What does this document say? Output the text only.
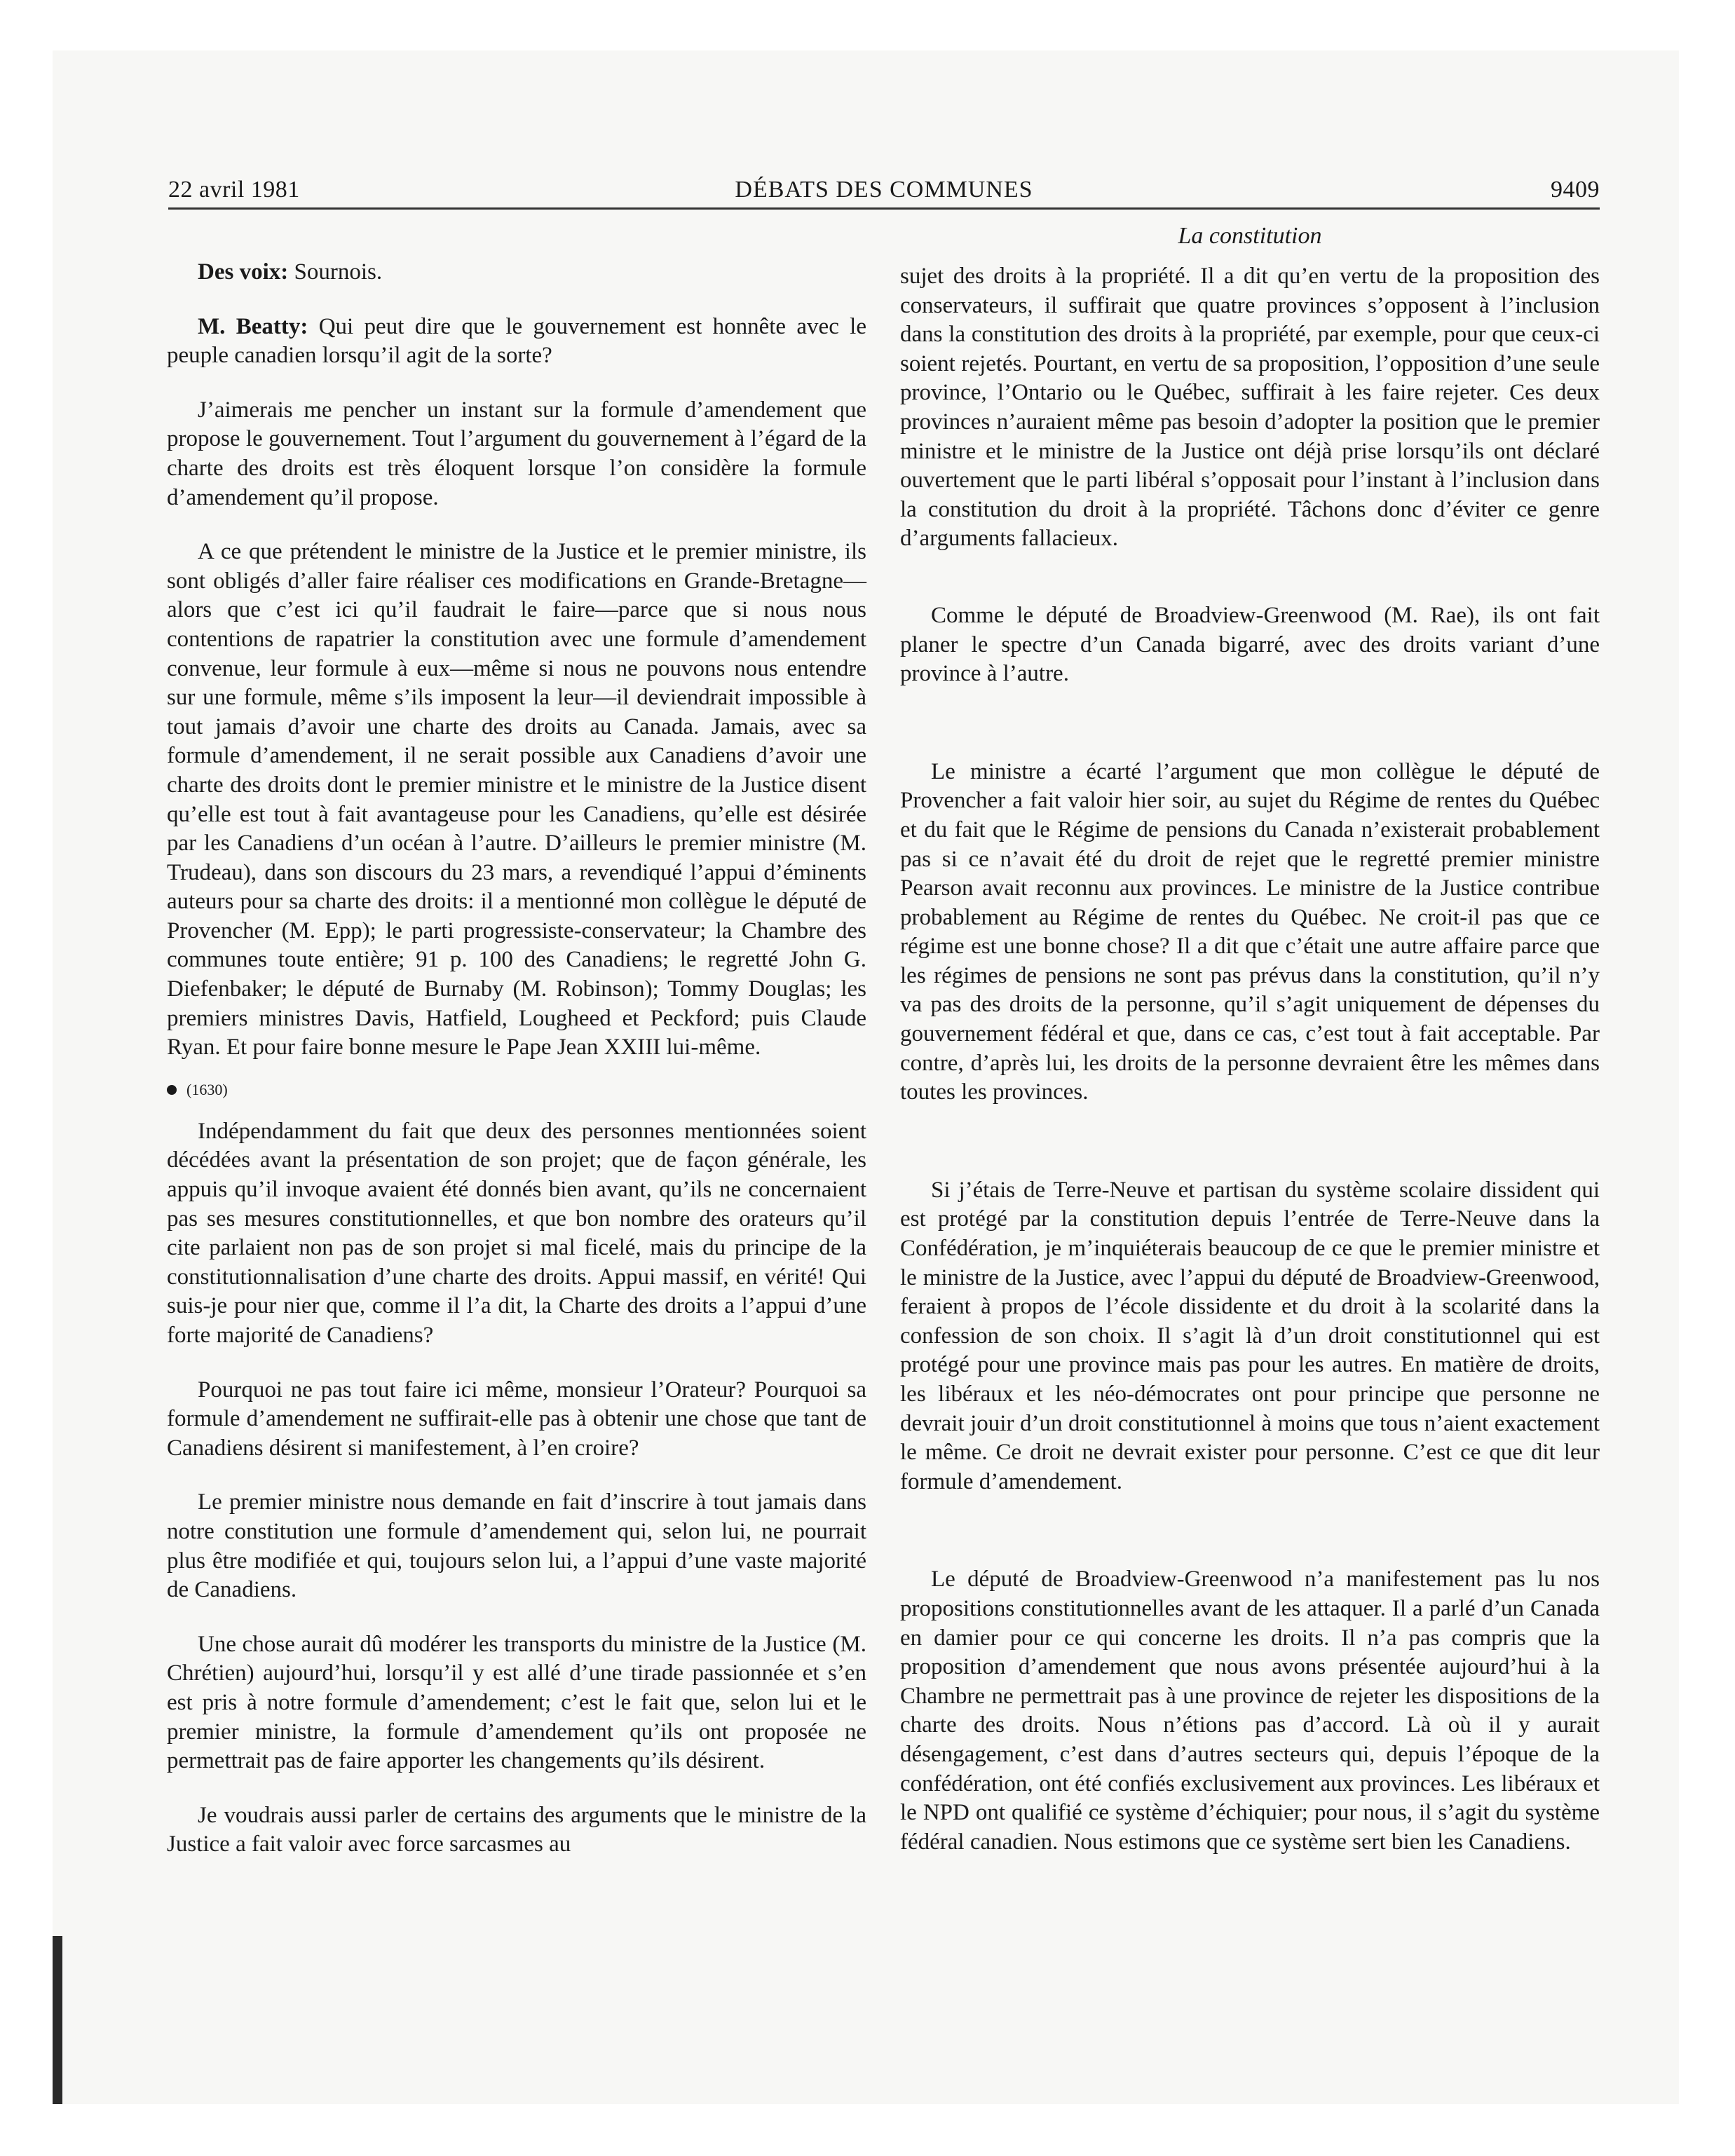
22 avril 1981	DÉBATS DES COMMUNES	9409
La constitution

Des voix: Sournois.

M. Beatty: Qui peut dire que le gouvernement est honnête avec le peuple canadien lorsqu’il agit de la sorte?

J’aimerais me pencher un instant sur la formule d’amendement que propose le gouvernement. Tout l’argument du gouvernement à l’égard de la charte des droits est très éloquent lorsque l’on considère la formule d’amendement qu’il propose.

A ce que prétendent le ministre de la Justice et le premier ministre, ils sont obligés d’aller faire réaliser ces modifications en Grande-Bretagne—alors que c’est ici qu’il faudrait le faire—parce que si nous nous contentions de rapatrier la constitution avec une formule d’amendement convenue, leur formule à eux—même si nous ne pouvons nous entendre sur une formule, même s’ils imposent la leur—il deviendrait impossible à tout jamais d’avoir une charte des droits au Canada. Jamais, avec sa formule d’amendement, il ne serait possible aux Canadiens d’avoir une charte des droits dont le premier ministre et le ministre de la Justice disent qu’elle est tout à fait avantageuse pour les Canadiens, qu’elle est désirée par les Canadiens d’un océan à l’autre. D’ailleurs le premier ministre (M. Trudeau), dans son discours du 23 mars, a revendiqué l’appui d’éminents auteurs pour sa charte des droits: il a mentionné mon collègue le député de Provencher (M. Epp); le parti progressiste-conservateur; la Chambre des communes toute entière; 91 p. 100 des Canadiens; le regretté John G. Diefenbaker; le député de Burnaby (M. Robinson); Tommy Douglas; les premiers ministres Davis, Hatfield, Lougheed et Peckford; puis Claude Ryan. Et pour faire bonne mesure le Pape Jean XXIII lui-même.

(1630)

Indépendamment du fait que deux des personnes mentionnées soient décédées avant la présentation de son projet; que de façon générale, les appuis qu’il invoque avaient été donnés bien avant, qu’ils ne concernaient pas ses mesures constitutionnelles, et que bon nombre des orateurs qu’il cite parlaient non pas de son projet si mal ficelé, mais du principe de la constitutionnalisation d’une charte des droits. Appui massif, en vérité! Qui suis-je pour nier que, comme il l’a dit, la Charte des droits a l’appui d’une forte majorité de Canadiens?

Pourquoi ne pas tout faire ici même, monsieur l’Orateur? Pourquoi sa formule d’amendement ne suffirait-elle pas à obtenir une chose que tant de Canadiens désirent si manifestement, à l’en croire?

Le premier ministre nous demande en fait d’inscrire à tout jamais dans notre constitution une formule d’amendement qui, selon lui, ne pourrait plus être modifiée et qui, toujours selon lui, a l’appui d’une vaste majorité de Canadiens.

Une chose aurait dû modérer les transports du ministre de la Justice (M. Chrétien) aujourd’hui, lorsqu’il y est allé d’une tirade passionnée et s’en est pris à notre formule d’amendement; c’est le fait que, selon lui et le premier ministre, la formule d’amendement qu’ils ont proposée ne permettrait pas de faire apporter les changements qu’ils désirent.

Je voudrais aussi parler de certains des arguments que le ministre de la Justice a fait valoir avec force sarcasmes au

sujet des droits à la propriété. Il a dit qu’en vertu de la proposition des conservateurs, il suffirait que quatre provinces s’opposent à l’inclusion dans la constitution des droits à la propriété, par exemple, pour que ceux-ci soient rejetés. Pourtant, en vertu de sa proposition, l’opposition d’une seule province, l’Ontario ou le Québec, suffirait à les faire rejeter. Ces deux provinces n’auraient même pas besoin d’adopter la position que le premier ministre et le ministre de la Justice ont déjà prise lorsqu’ils ont déclaré ouvertement que le parti libéral s’opposait pour l’instant à l’inclusion dans la constitution du droit à la propriété. Tâchons donc d’éviter ce genre d’arguments fallacieux.

Comme le député de Broadview-Greenwood (M. Rae), ils ont fait planer le spectre d’un Canada bigarré, avec des droits variant d’une province à l’autre.

Le ministre a écarté l’argument que mon collègue le député de Provencher a fait valoir hier soir, au sujet du Régime de rentes du Québec et du fait que le Régime de pensions du Canada n’existerait probablement pas si ce n’avait été du droit de rejet que le regretté premier ministre Pearson avait reconnu aux provinces. Le ministre de la Justice contribue probablement au Régime de rentes du Québec. Ne croit-il pas que ce régime est une bonne chose? Il a dit que c’était une autre affaire parce que les régimes de pensions ne sont pas prévus dans la constitution, qu’il n’y va pas des droits de la personne, qu’il s’agit uniquement de dépenses du gouvernement fédéral et que, dans ce cas, c’est tout à fait acceptable. Par contre, d’après lui, les droits de la personne devraient être les mêmes dans toutes les provinces.

Si j’étais de Terre-Neuve et partisan du système scolaire dissident qui est protégé par la constitution depuis l’entrée de Terre-Neuve dans la Confédération, je m’inquiéterais beaucoup de ce que le premier ministre et le ministre de la Justice, avec l’appui du député de Broadview-Greenwood, feraient à propos de l’école dissidente et du droit à la scolarité dans la confession de son choix. Il s’agit là d’un droit constitutionnel qui est protégé pour une province mais pas pour les autres. En matière de droits, les libéraux et les néo-démocrates ont pour principe que personne ne devrait jouir d’un droit constitutionnel à moins que tous n’aient exactement le même. Ce droit ne devrait exister pour personne. C’est ce que dit leur formule d’amendement.

Le député de Broadview-Greenwood n’a manifestement pas lu nos propositions constitutionnelles avant de les attaquer. Il a parlé d’un Canada en damier pour ce qui concerne les droits. Il n’a pas compris que la proposition d’amendement que nous avons présentée aujourd’hui à la Chambre ne permettrait pas à une province de rejeter les dispositions de la charte des droits. Nous n’étions pas d’accord. Là où il y aurait désengagement, c’est dans d’autres secteurs qui, depuis l’époque de la confédération, ont été confiés exclusivement aux provinces. Les libéraux et le NPD ont qualifié ce système d’échiquier; pour nous, il s’agit du système fédéral canadien. Nous estimons que ce système sert bien les Canadiens.
